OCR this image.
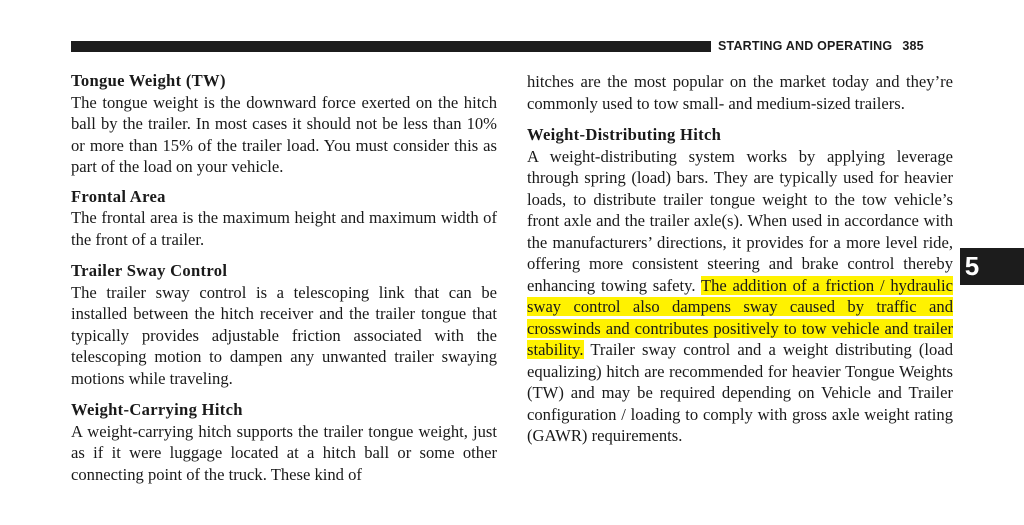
STARTING AND OPERATING 385
Tongue Weight (TW)

The tongue weight is the downward force exerted on the hitch ball by the trailer. In most cases it should not be less than 10% or more than 15% of the trailer load. You must consider this as part of the load on your vehicle.

Frontal Area

The frontal area is the maximum height and maximum width of the front of a trailer.

Trailer Sway Control

The trailer sway control is a telescoping link that can be installed between the hitch receiver and the trailer tongue that typically provides adjustable friction associated with the telescoping motion to dampen any unwanted trailer swaying motions while traveling.

Weight-Carrying Hitch

A weight-carrying hitch supports the trailer tongue weight, just as if it were luggage located at a hitch ball or some other connecting point of the truck. These kind of

hitches are the most popular on the market today and they’re commonly used to tow small- and medium-sized trailers.

Weight-Distributing Hitch

A weight-distributing system works by applying leverage through spring (load) bars. They are typically used for heavier loads, to distribute trailer tongue weight to the tow vehicle’s front axle and the trailer axle(s). When used in accordance with the manufacturers’ directions, it provides for a more level ride, offering more consistent steering and brake control thereby enhancing towing safety. The addition of a friction / hydraulic sway control also dampens sway caused by traffic and crosswinds and contributes positively to tow vehicle and trailer stability. Trailer sway control and a weight distributing (load equalizing) hitch are recommended for heavier Tongue Weights (TW) and may be required depending on Vehicle and Trailer configuration / loading to comply with gross axle weight rating (GAWR) requirements.

5
